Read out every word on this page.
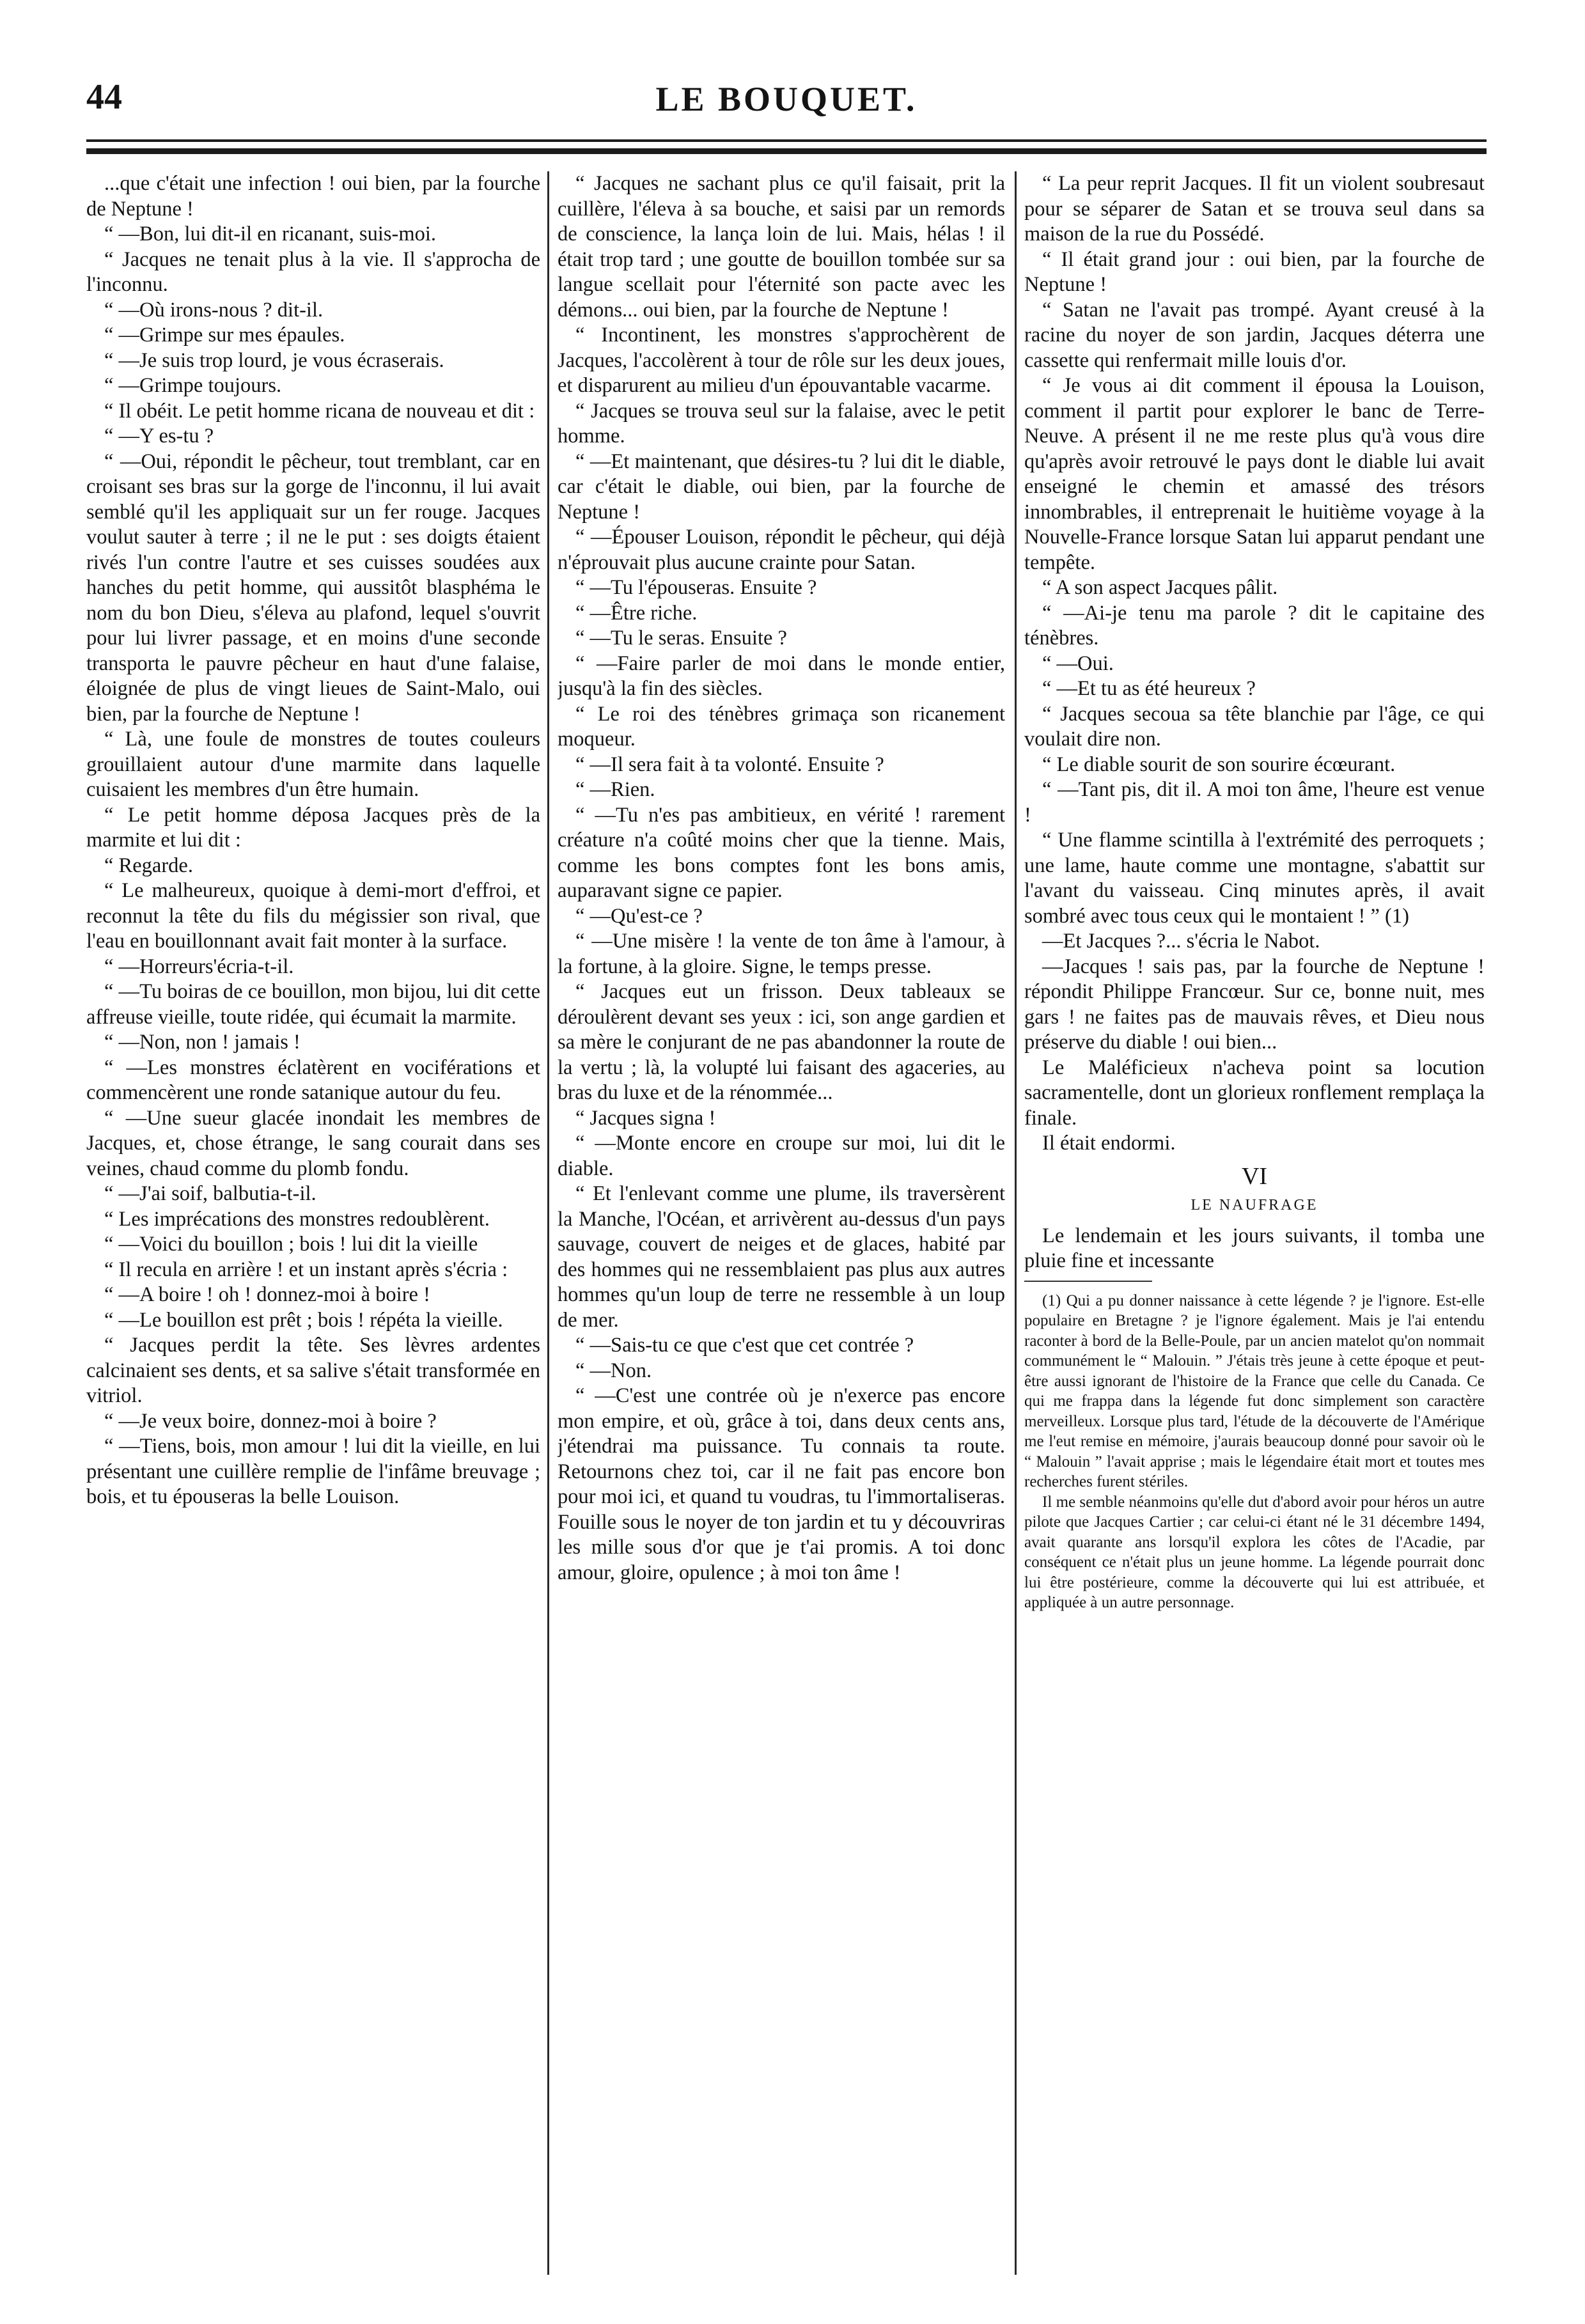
44	LE BOUQUET.

...que c'était une infection ! oui bien, par la fourche de Neptune !

“ —Bon, lui dit-il en ricanant, suis-moi.

“ Jacques ne tenait plus à la vie. Il s'approcha de l'inconnu.

“ —Où irons-nous ? dit-il.

“ —Grimpe sur mes épaules.

“ —Je suis trop lourd, je vous écraserais.

“ —Grimpe toujours.

“ Il obéit. Le petit homme ricana de nouveau et dit :

“ —Y es-tu ?

“ —Oui, répondit le pêcheur, tout tremblant, car en croisant ses bras sur la gorge de l'inconnu, il lui avait semblé qu'il les appliquait sur un fer rouge. Jacques voulut sauter à terre ; il ne le put : ses doigts étaient rivés l'un contre l'autre et ses cuisses soudées aux hanches du petit homme, qui aussitôt blasphéma le nom du bon Dieu, s'éleva au plafond, lequel s'ouvrit pour lui livrer passage, et en moins d'une seconde transporta le pauvre pêcheur en haut d'une falaise, éloignée de plus de vingt lieues de Saint-Malo, oui bien, par la fourche de Neptune !

“ Là, une foule de monstres de toutes couleurs grouillaient autour d'une marmite dans laquelle cuisaient les membres d'un être humain.

“ Le petit homme déposa Jacques près de la marmite et lui dit :

“ Regarde.

“ Le malheureux, quoique à demi-mort d'effroi, et reconnut la tête du fils du mégissier son rival, que l'eau en bouillonnant avait fait monter à la surface.

“ —Horreurs'écria-t-il.

“ —Tu boiras de ce bouillon, mon bijou, lui dit cette affreuse vieille, toute ridée, qui écumait la marmite.

“ —Non, non ! jamais !

“ —Les monstres éclatèrent en vociférations et commencèrent une ronde satanique autour du feu.

“ —Une sueur glacée inondait les membres de Jacques, et, chose étrange, le sang courait dans ses veines, chaud comme du plomb fondu.

“ —J'ai soif, balbutia-t-il.

“ Les imprécations des monstres redoublèrent.

“ —Voici du bouillon ; bois ! lui dit la vieille

“ Il recula en arrière ! et un instant après s'écria :

“ —A boire ! oh ! donnez-moi à boire !

“ —Le bouillon est prêt ; bois ! répéta la vieille.

“ Jacques perdit la tête. Ses lèvres ardentes calcinaient ses dents, et sa salive s'était transformée en vitriol.

“ —Je veux boire, donnez-moi à boire ?

“ —Tiens, bois, mon amour ! lui dit la vieille, en lui présentant une cuillère remplie de l'infâme breuvage ; bois, et tu épouseras la belle Louison.

“ Jacques ne sachant plus ce qu'il faisait, prit la cuillère, l'éleva à sa bouche, et saisi par un remords de conscience, la lança loin de lui. Mais, hélas ! il était trop tard ; une goutte de bouillon tombée sur sa langue scellait pour l'éternité son pacte avec les démons... oui bien, par la fourche de Neptune !

“ Incontinent, les monstres s'approchèrent de Jacques, l'accolèrent à tour de rôle sur les deux joues, et disparurent au milieu d'un épouvantable vacarme.

“ Jacques se trouva seul sur la falaise, avec le petit homme.

“ —Et maintenant, que désires-tu ? lui dit le diable, car c'était le diable, oui bien, par la fourche de Neptune !

“ —Épouser Louison, répondit le pêcheur, qui déjà n'éprouvait plus aucune crainte pour Satan.

“ —Tu l'épouseras. Ensuite ?

“ —Être riche.

“ —Tu le seras. Ensuite ?

“ —Faire parler de moi dans le monde entier, jusqu'à la fin des siècles.

“ Le roi des ténèbres grimaça son ricanement moqueur.

“ —Il sera fait à ta volonté. Ensuite ?

“ —Rien.

“ —Tu n'es pas ambitieux, en vérité ! rarement créature n'a coûté moins cher que la tienne. Mais, comme les bons comptes font les bons amis, auparavant signe ce papier.

“ —Qu'est-ce ?

“ —Une misère ! la vente de ton âme à l'amour, à la fortune, à la gloire. Signe, le temps presse.

“ Jacques eut un frisson. Deux tableaux se déroulèrent devant ses yeux : ici, son ange gardien et sa mère le conjurant de ne pas abandonner la route de la vertu ; là, la volupté lui faisant des agaceries, au bras du luxe et de la rénommée...

“ Jacques signa !

“ —Monte encore en croupe sur moi, lui dit le diable.

“ Et l'enlevant comme une plume, ils traversèrent la Manche, l'Océan, et arrivèrent au-dessus d'un pays sauvage, couvert de neiges et de glaces, habité par des hommes qui ne ressemblaient pas plus aux autres hommes qu'un loup de terre ne ressemble à un loup de mer.

“ —Sais-tu ce que c'est que cet contrée ?

“ —Non.

“ —C'est une contrée où je n'exerce pas encore mon empire, et où, grâce à toi, dans deux cents ans, j'étendrai ma puissance. Tu connais ta route. Retournons chez toi, car il ne fait pas encore bon pour moi ici, et quand tu voudras, tu l'immortaliseras. Fouille sous le noyer de ton jardin et tu y découvriras les mille sous d'or que je t'ai promis. A toi donc amour, gloire, opulence ; à moi ton âme !

“ La peur reprit Jacques. Il fit un violent soubresaut pour se séparer de Satan et se trouva seul dans sa maison de la rue du Possédé.

“ Il était grand jour : oui bien, par la fourche de Neptune !

“ Satan ne l'avait pas trompé. Ayant creusé à la racine du noyer de son jardin, Jacques déterra une cassette qui renfermait mille louis d'or.

“ Je vous ai dit comment il épousa la Louison, comment il partit pour explorer le banc de Terre-Neuve. A présent il ne me reste plus qu'à vous dire qu'après avoir retrouvé le pays dont le diable lui avait enseigné le chemin et amassé des trésors innombrables, il entreprenait le huitième voyage à la Nouvelle-France lorsque Satan lui apparut pendant une tempête.

“ A son aspect Jacques pâlit.

“ —Ai-je tenu ma parole ? dit le capitaine des ténèbres.

“ —Oui.

“ —Et tu as été heureux ?

“ Jacques secoua sa tête blanchie par l'âge, ce qui voulait dire non.

“ Le diable sourit de son sourire écœurant.

“ —Tant pis, dit il. A moi ton âme, l'heure est venue !

“ Une flamme scintilla à l'extrémité des perroquets ; une lame, haute comme une montagne, s'abattit sur l'avant du vaisseau. Cinq minutes après, il avait sombré avec tous ceux qui le montaient ! ” (1)

—Et Jacques ?... s'écria le Nabot.

—Jacques ! sais pas, par la fourche de Neptune ! répondit Philippe Francœur. Sur ce, bonne nuit, mes gars ! ne faites pas de mauvais rêves, et Dieu nous préserve du diable ! oui bien...

Le Maléficieux n'acheva point sa locution sacramentelle, dont un glorieux ronflement remplaça la finale.

Il était endormi.

VI
LE NAUFRAGE

Le lendemain et les jours suivants, il tomba une pluie fine et incessante

(1) Qui a pu donner naissance à cette légende ? je l'ignore. Est-elle populaire en Bretagne ? je l'ignore également. Mais je l'ai entendu raconter à bord de la Belle-Poule, par un ancien matelot qu'on nommait communément le “ Malouin. ” J'étais très jeune à cette époque et peut-être aussi ignorant de l'histoire de la France que celle du Canada. Ce qui me frappa dans la légende fut donc simplement son caractère merveilleux. Lorsque plus tard, l'étude de la découverte de l'Amérique me l'eut remise en mémoire, j'aurais beaucoup donné pour savoir où le “ Malouin ” l'avait apprise ; mais le légendaire était mort et toutes mes recherches furent stériles.

Il me semble néanmoins qu'elle dut d'abord avoir pour héros un autre pilote que Jacques Cartier ; car celui-ci étant né le 31 décembre 1494, avait quarante ans lorsqu'il explora les côtes de l'Acadie, par conséquent ce n'était plus un jeune homme. La légende pourrait donc lui être postérieure, comme la découverte qui lui est attribuée, et appliquée à un autre personnage.
